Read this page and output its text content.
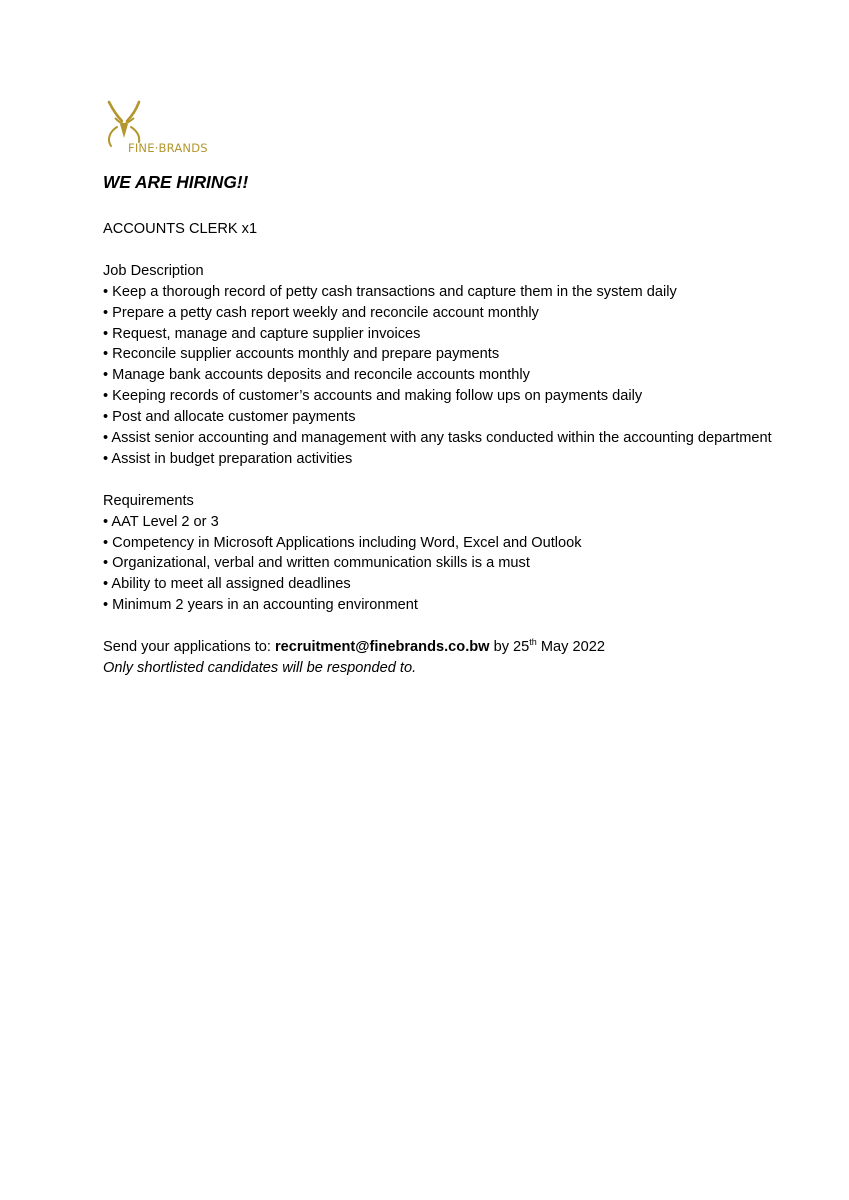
FINE·BRANDS
WE ARE HIRING!!
ACCOUNTS CLERK x1
Job Description
• Keep a thorough record of petty cash transactions and capture them in the system daily
• Prepare a petty cash report weekly and reconcile account monthly
• Request, manage and capture supplier invoices
• Reconcile supplier accounts monthly and prepare payments
• Manage bank accounts deposits and reconcile accounts monthly
• Keeping records of customer’s accounts and making follow ups on payments daily
• Post and allocate customer payments
• Assist senior accounting and management with any tasks conducted within the accounting department
• Assist in budget preparation activities
Requirements
• AAT Level 2 or 3
• Competency in Microsoft Applications including Word, Excel and Outlook
• Organizational, verbal and written communication skills is a must
• Ability to meet all assigned deadlines
• Minimum 2 years in an accounting environment
Send your applications to: recruitment@finebrands.co.bw by 25th May 2022
Only shortlisted candidates will be responded to.
